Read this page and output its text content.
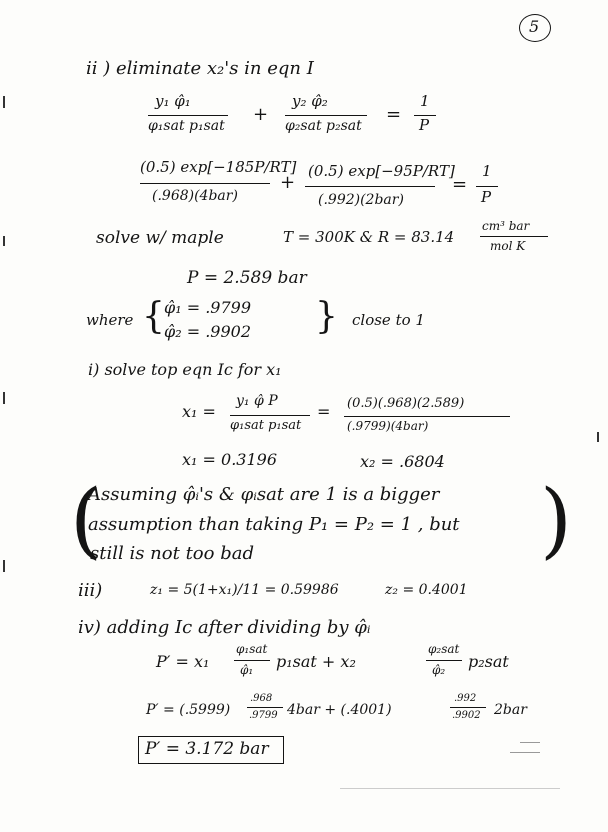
5
ii ) eliminate x₂'s in eqn I
y₁ φ̂₁
φ₁sat p₁sat
+
y₂ φ̂₂
φ₂sat p₂sat
=
1
P
(0.5) exp[−185P/RT]
(.968)(4bar)
+
(0.5) exp[−95P/RT]
(.992)(2bar)
=
1
P
solve w/ maple	T = 300K & R = 83.14
cm³ bar
mol K
P = 2.589 bar
where { φ̂₁ = .9799
φ̂₂ = .9902 } close to 1
i) solve top eqn Ic for x₁
x₁ =
y₁ φ̂ P
φ₁sat p₁sat
= (0.5)(.968)(2.589)
(.9799)(4bar)
x₁ = 0.3196	x₂ = .6804
(
Assuming φ̂ᵢ's & φᵢsat are 1 is a bigger
assumption than taking P₁ = P₂ = 1 , but
still is not too bad	)
iii)	z₁ = 5(1+x₁)/11 = 0.59986	z₂ = 0.4001
iv) adding Ic after dividing by φ̂ᵢ
P′ = x₁
φ₁sat
φ̂₁ p₁sat + x₂
φ₂sat
φ̂₂ p₂sat
P′ = (.5999)
.968
.9799 4bar + (.4001)
.992
.9902 2bar
P′ = 3.172 bar
